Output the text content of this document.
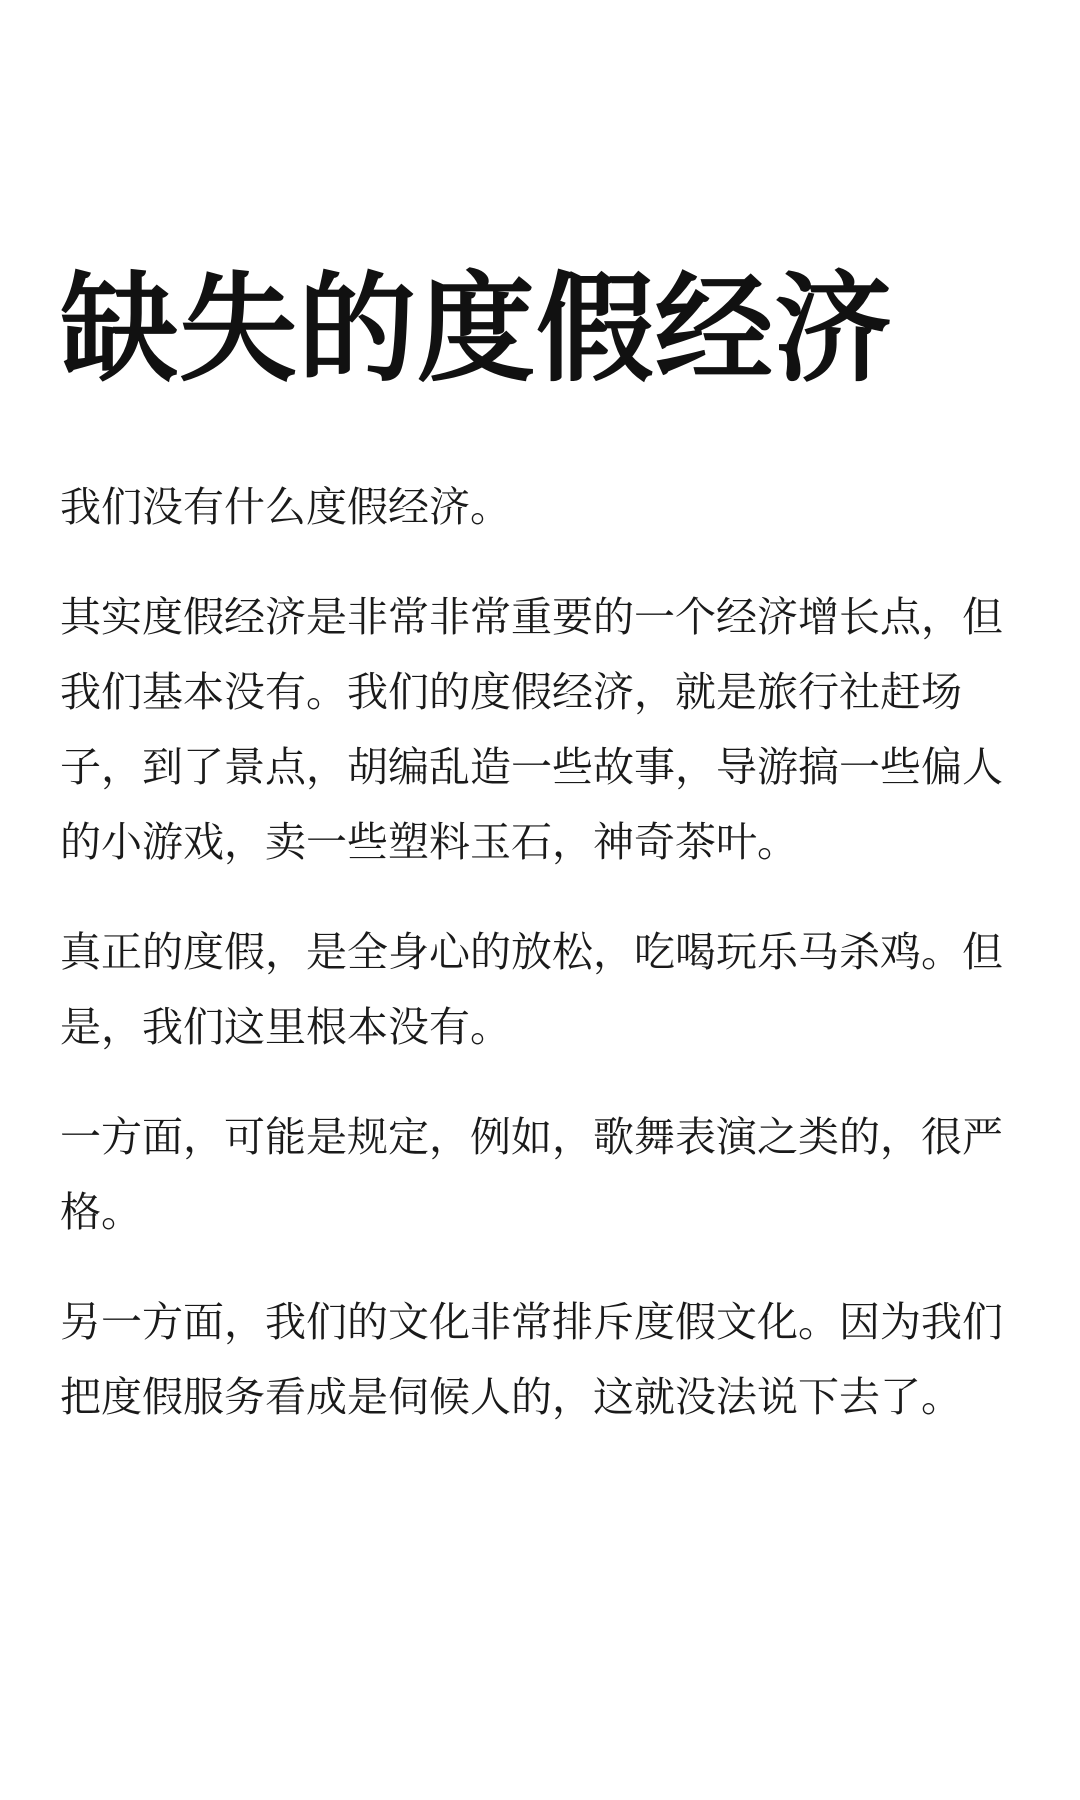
缺失的度假经济

我们没有什么度假经济。

其实度假经济是非常非常重要的一个经济增长点，但我们基本没有。我们的度假经济，就是旅行社赶场子，到了景点，胡编乱造一些故事，导游搞一些偏人的小游戏，卖一些塑料玉石，神奇茶叶。

真正的度假，是全身心的放松，吃喝玩乐马杀鸡。但是，我们这里根本没有。

一方面，可能是规定，例如，歌舞表演之类的，很严格。

另一方面，我们的文化非常排斥度假文化。因为我们把度假服务看成是伺候人的，这就没法说下去了。
